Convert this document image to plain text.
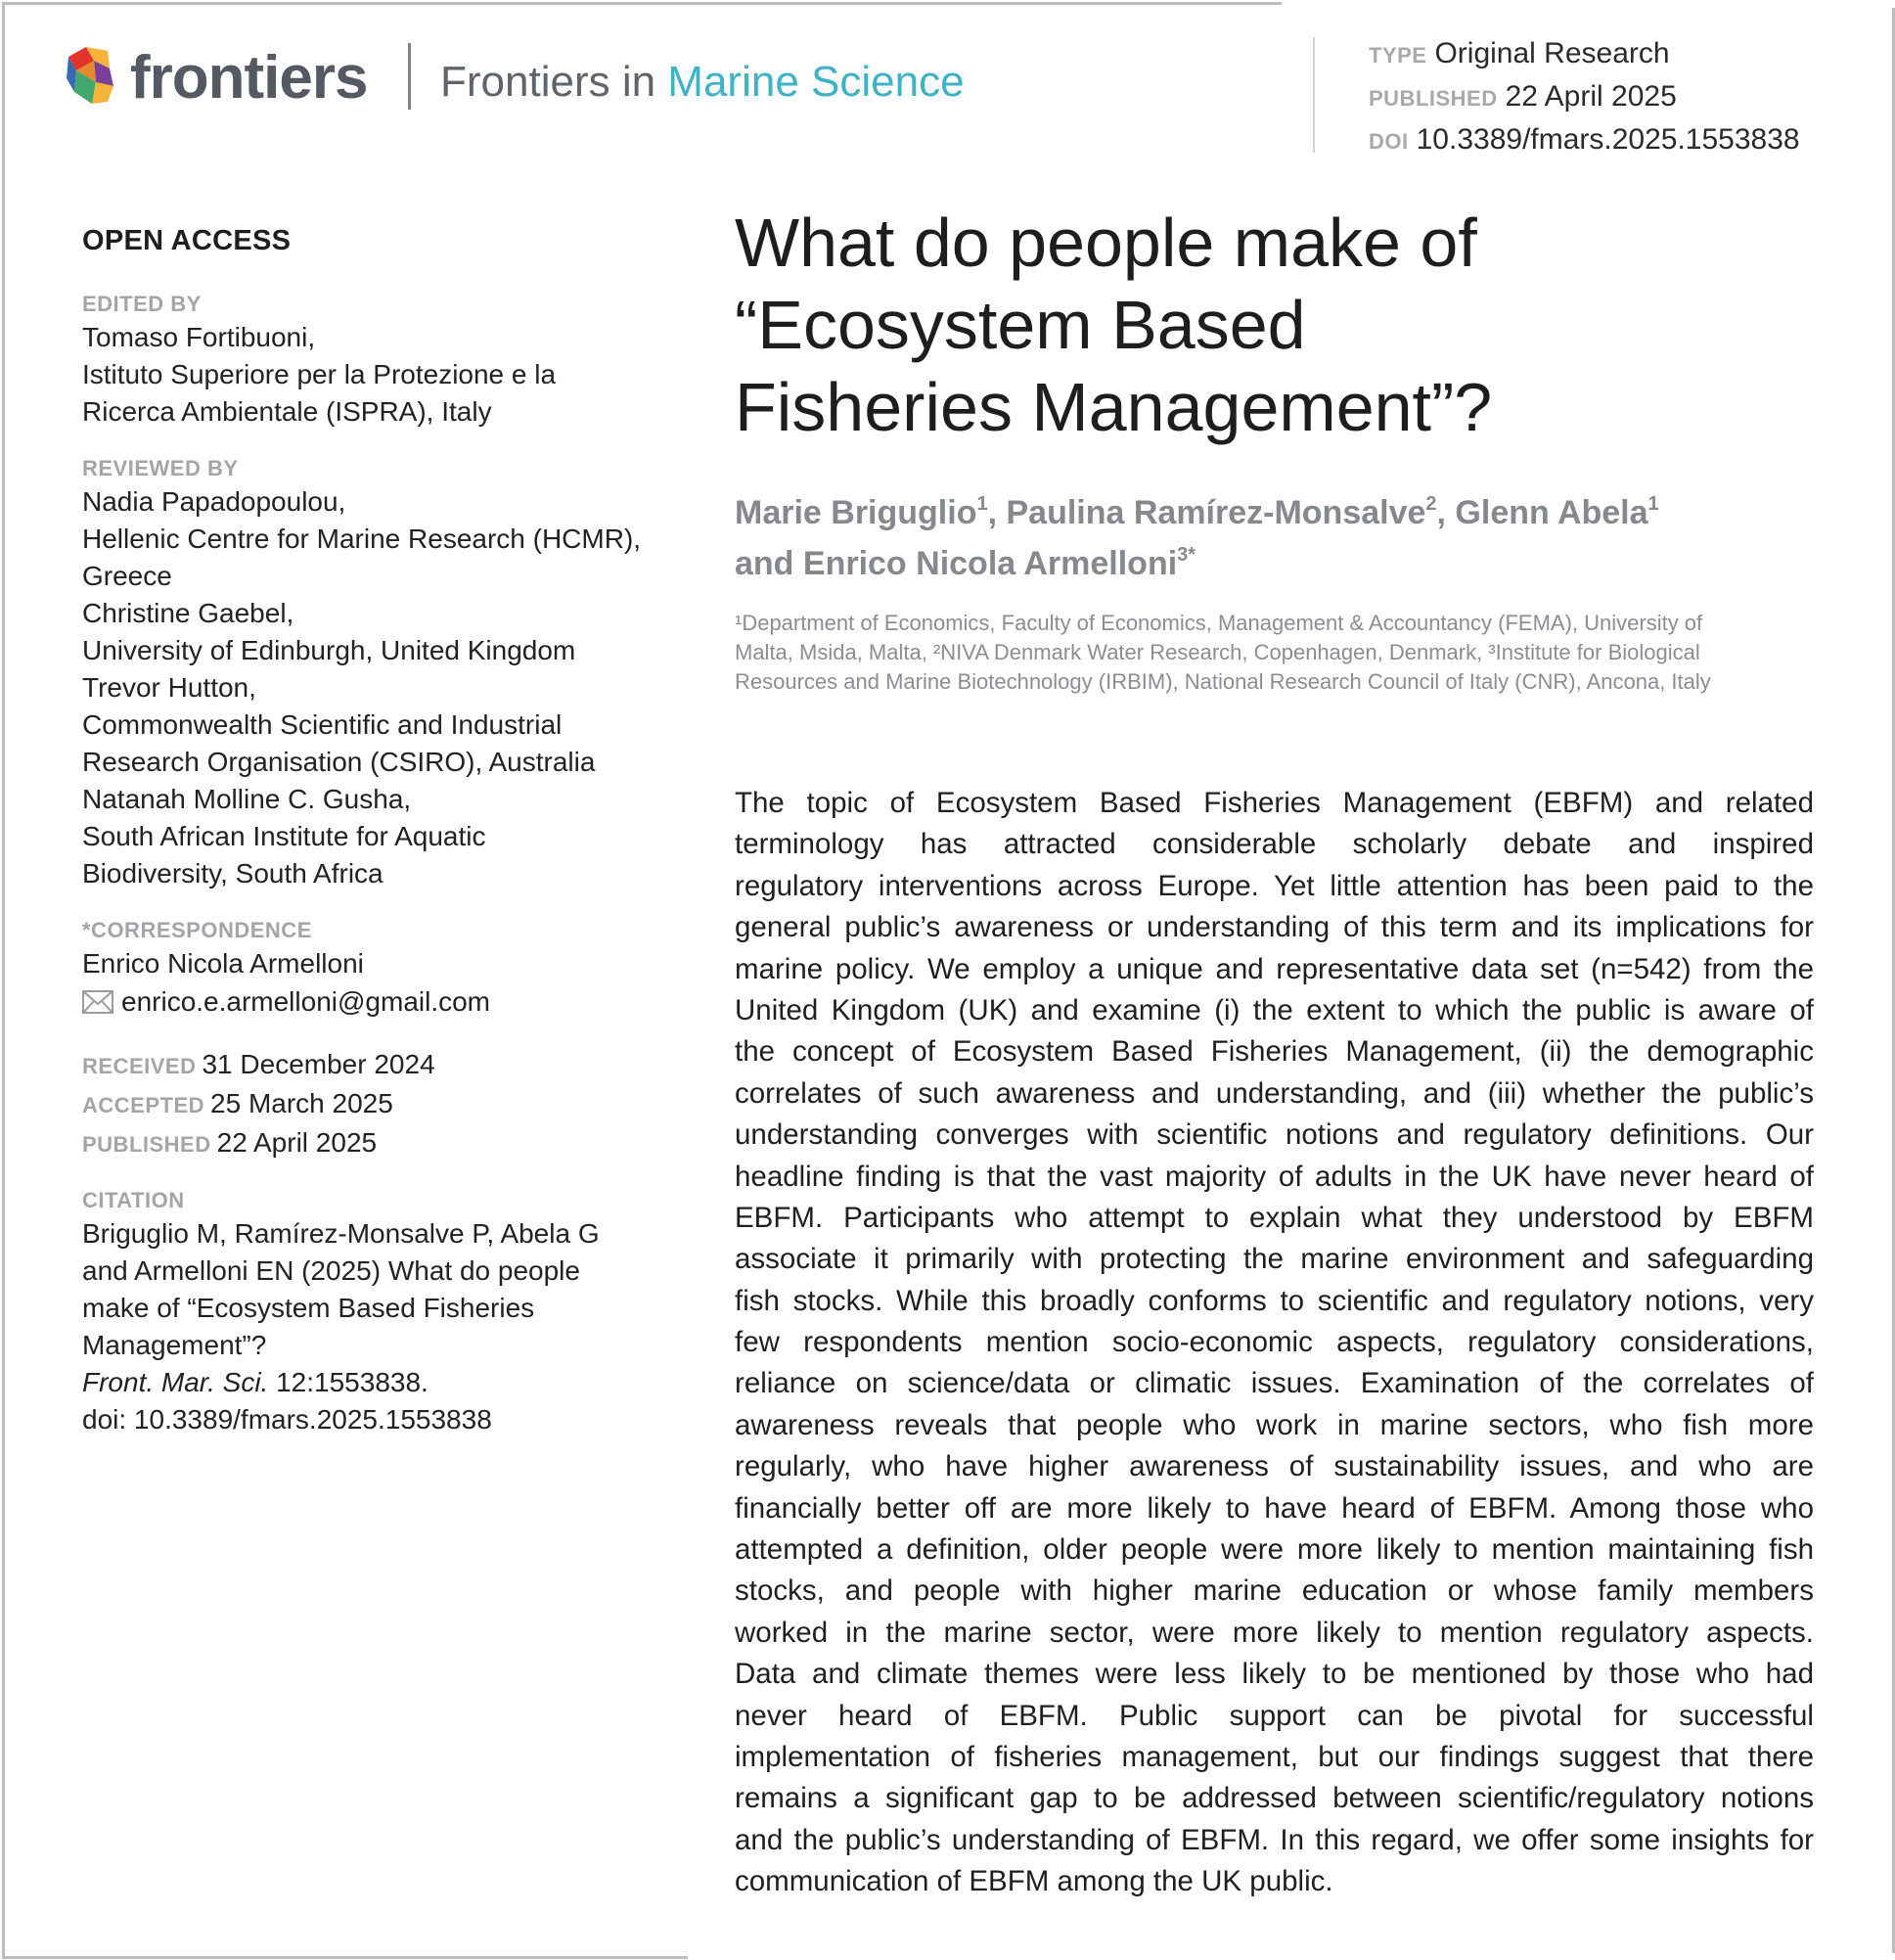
frontiers Frontiers in Marine Science
TYPE Original Research
PUBLISHED 22 April 2025
DOI 10.3389/fmars.2025.1553838
OPEN ACCESS
EDITED BY
Tomaso Fortibuoni,
Istituto Superiore per la Protezione e la
Ricerca Ambientale (ISPRA), Italy
REVIEWED BY
Nadia Papadopoulou,
Hellenic Centre for Marine Research (HCMR),
Greece
Christine Gaebel,
University of Edinburgh, United Kingdom
Trevor Hutton,
Commonwealth Scientific and Industrial
Research Organisation (CSIRO), Australia
Natanah Molline C. Gusha,
South African Institute for Aquatic
Biodiversity, South Africa
*CORRESPONDENCE
Enrico Nicola Armelloni
enrico.e.armelloni@gmail.com
RECEIVED 31 December 2024
ACCEPTED 25 March 2025
PUBLISHED 22 April 2025
CITATION
Briguglio M, Ramírez-Monsalve P, Abela G
and Armelloni EN (2025) What do people
make of “Ecosystem Based Fisheries
Management”?
Front. Mar. Sci. 12:1553838.
doi: 10.3389/fmars.2025.1553838
What do people make of
“Ecosystem Based
Fisheries Management”?
Marie Briguglio$^1$, Paulina Ramírez-Monsalve$^2$, Glenn Abela$^1$
and Enrico Nicola Armelloni$^{3*}$
¹Department of Economics, Faculty of Economics, Management & Accountancy (FEMA), University of
Malta, Msida, Malta, ²NIVA Denmark Water Research, Copenhagen, Denmark, ³Institute for Biological
Resources and Marine Biotechnology (IRBIM), National Research Council of Italy (CNR), Ancona, Italy
The topic of Ecosystem Based Fisheries Management (EBFM) and related
terminology has attracted considerable scholarly debate and inspired
regulatory interventions across Europe. Yet little attention has been paid to the
general public’s awareness or understanding of this term and its implications for
marine policy. We employ a unique and representative data set (n=542) from the
United Kingdom (UK) and examine (i) the extent to which the public is aware of
the concept of Ecosystem Based Fisheries Management, (ii) the demographic
correlates of such awareness and understanding, and (iii) whether the public’s
understanding converges with scientific notions and regulatory definitions. Our
headline finding is that the vast majority of adults in the UK have never heard of
EBFM. Participants who attempt to explain what they understood by EBFM
associate it primarily with protecting the marine environment and safeguarding
fish stocks. While this broadly conforms to scientific and regulatory notions, very
few respondents mention socio-economic aspects, regulatory considerations,
reliance on science/data or climatic issues. Examination of the correlates of
awareness reveals that people who work in marine sectors, who fish more
regularly, who have higher awareness of sustainability issues, and who are
financially better off are more likely to have heard of EBFM. Among those who
attempted a definition, older people were more likely to mention maintaining fish
stocks, and people with higher marine education or whose family members
worked in the marine sector, were more likely to mention regulatory aspects.
Data and climate themes were less likely to be mentioned by those who had
never heard of EBFM. Public support can be pivotal for successful
implementation of fisheries management, but our findings suggest that there
remains a significant gap to be addressed between scientific/regulatory notions
and the public’s understanding of EBFM. In this regard, we offer some insights for
communication of EBFM among the UK public.
